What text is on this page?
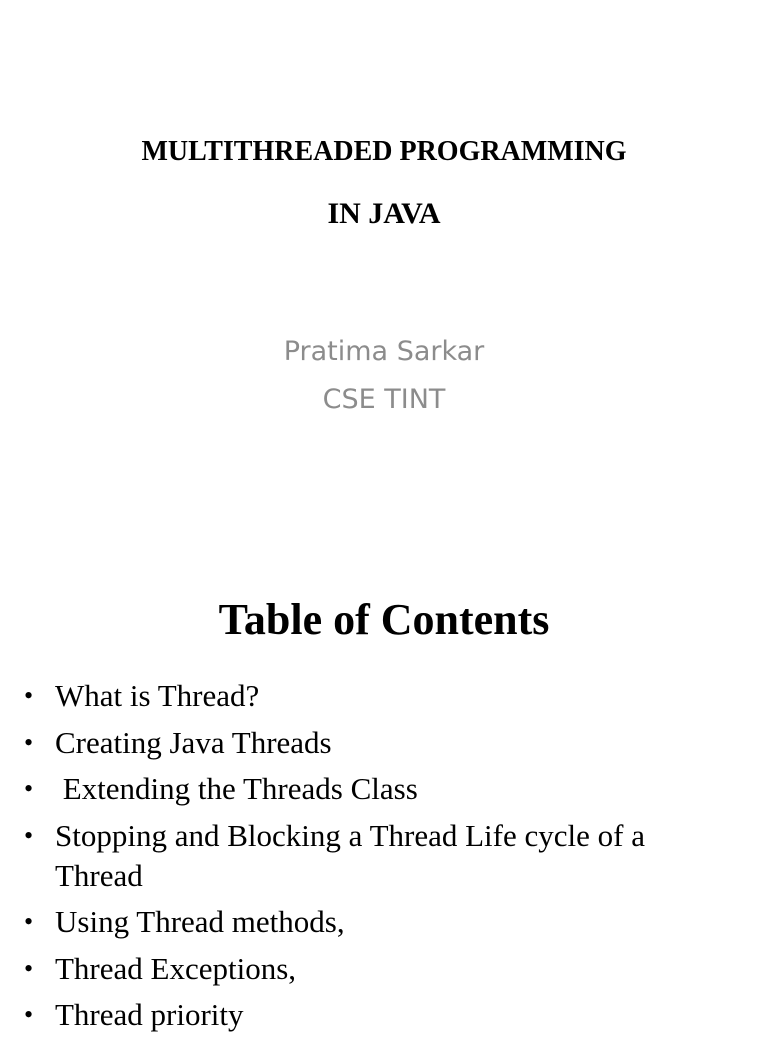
MULTITHREADED PROGRAMMING
IN JAVA

Pratima Sarkar

CSE TINT

Table of Contents
• What is Thread?
• Creating Java Threads
• Extending the Threads Class
• Stopping and Blocking a Thread Life cycle of a Thread
• Using Thread methods,
• Thread Exceptions,
• Thread priority
